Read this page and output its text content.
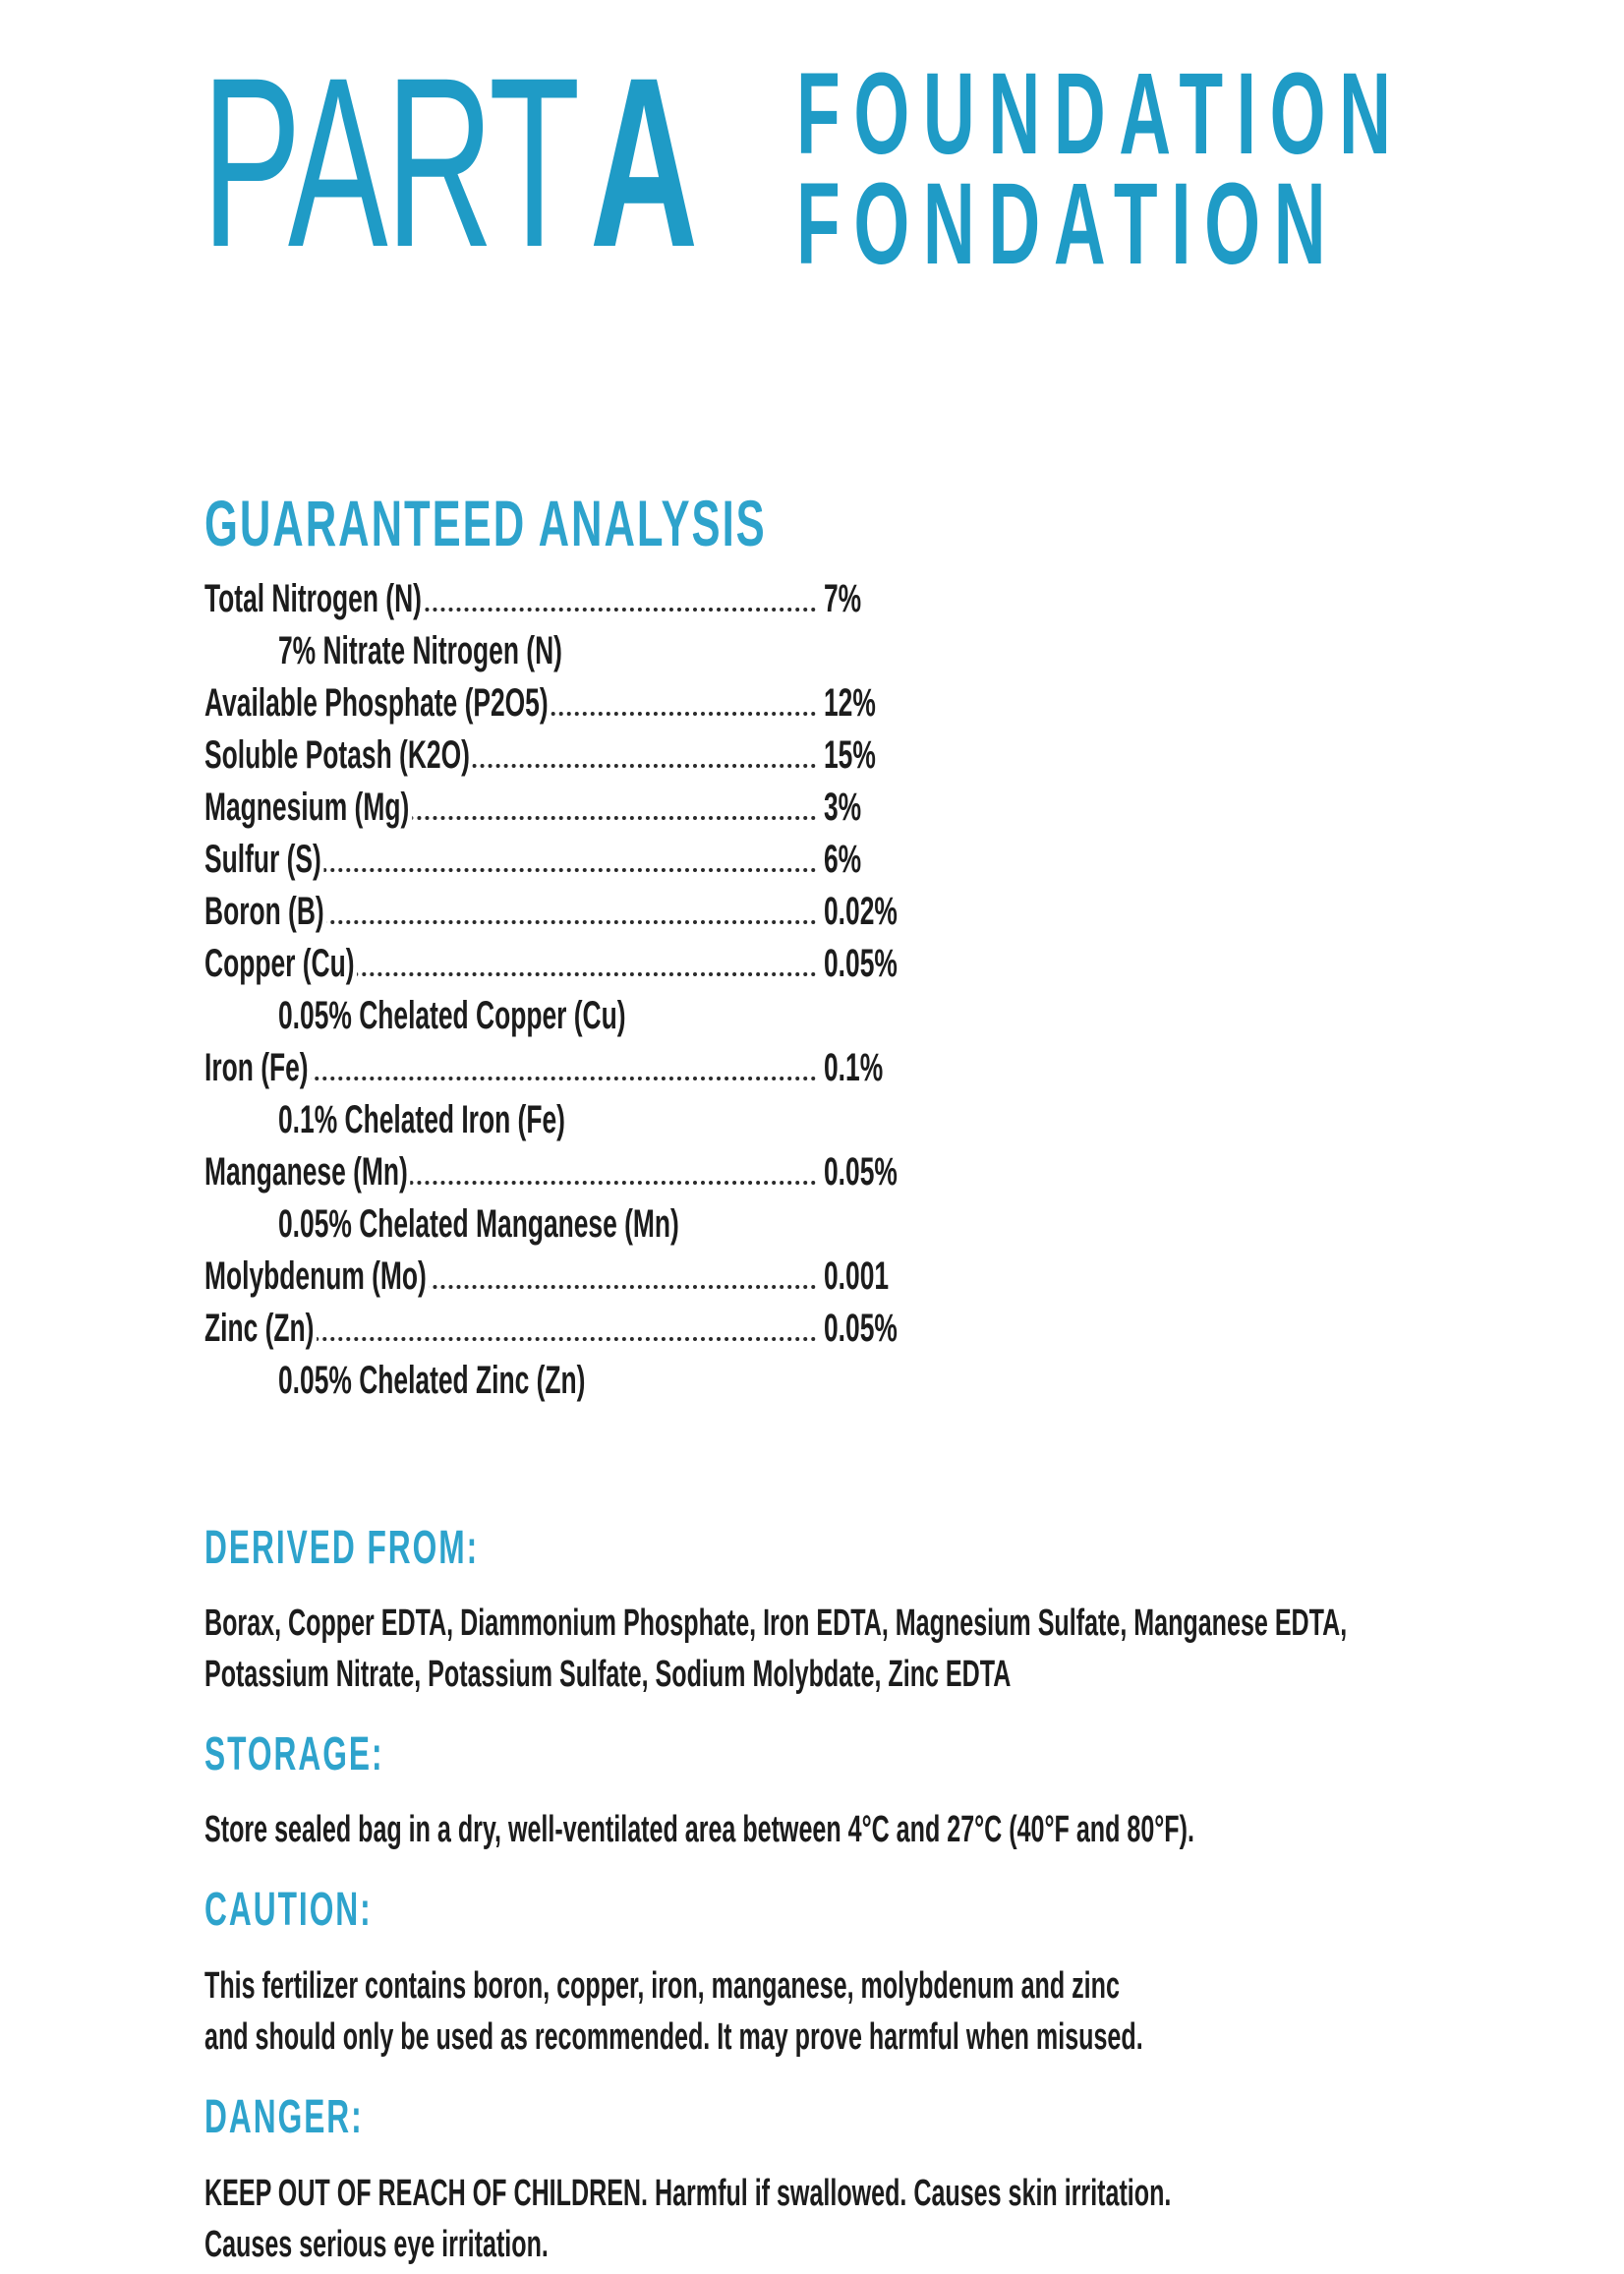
PART A FOUNDATION
FONDATION
GUARANTEED ANALYSIS
Total Nitrogen (N)	7%
7% Nitrate Nitrogen (N)
Available Phosphate (P2O5)	12%
Soluble Potash (K2O)	15%
Magnesium (Mg)	3%
Sulfur (S)	6%
Boron (B)	0.02%
Copper (Cu)	0.05%
0.05% Chelated Copper (Cu)
Iron (Fe)	0.1%
0.1% Chelated Iron (Fe)
Manganese (Mn)	0.05%
0.05% Chelated Manganese (Mn)
Molybdenum (Mo)	0.001
Zinc (Zn)	0.05%
0.05% Chelated Zinc (Zn)
DERIVED FROM:
Borax, Copper EDTA, Diammonium Phosphate, Iron EDTA, Magnesium Sulfate, Manganese EDTA,
Potassium Nitrate, Potassium Sulfate, Sodium Molybdate, Zinc EDTA
STORAGE:
Store sealed bag in a dry, well-ventilated area between 4°C and 27°C (40°F and 80°F).
CAUTION:
This fertilizer contains boron, copper, iron, manganese, molybdenum and zinc
and should only be used as recommended. It may prove harmful when misused.
DANGER:
KEEP OUT OF REACH OF CHILDREN. Harmful if swallowed. Causes skin irritation.
Causes serious eye irritation.
